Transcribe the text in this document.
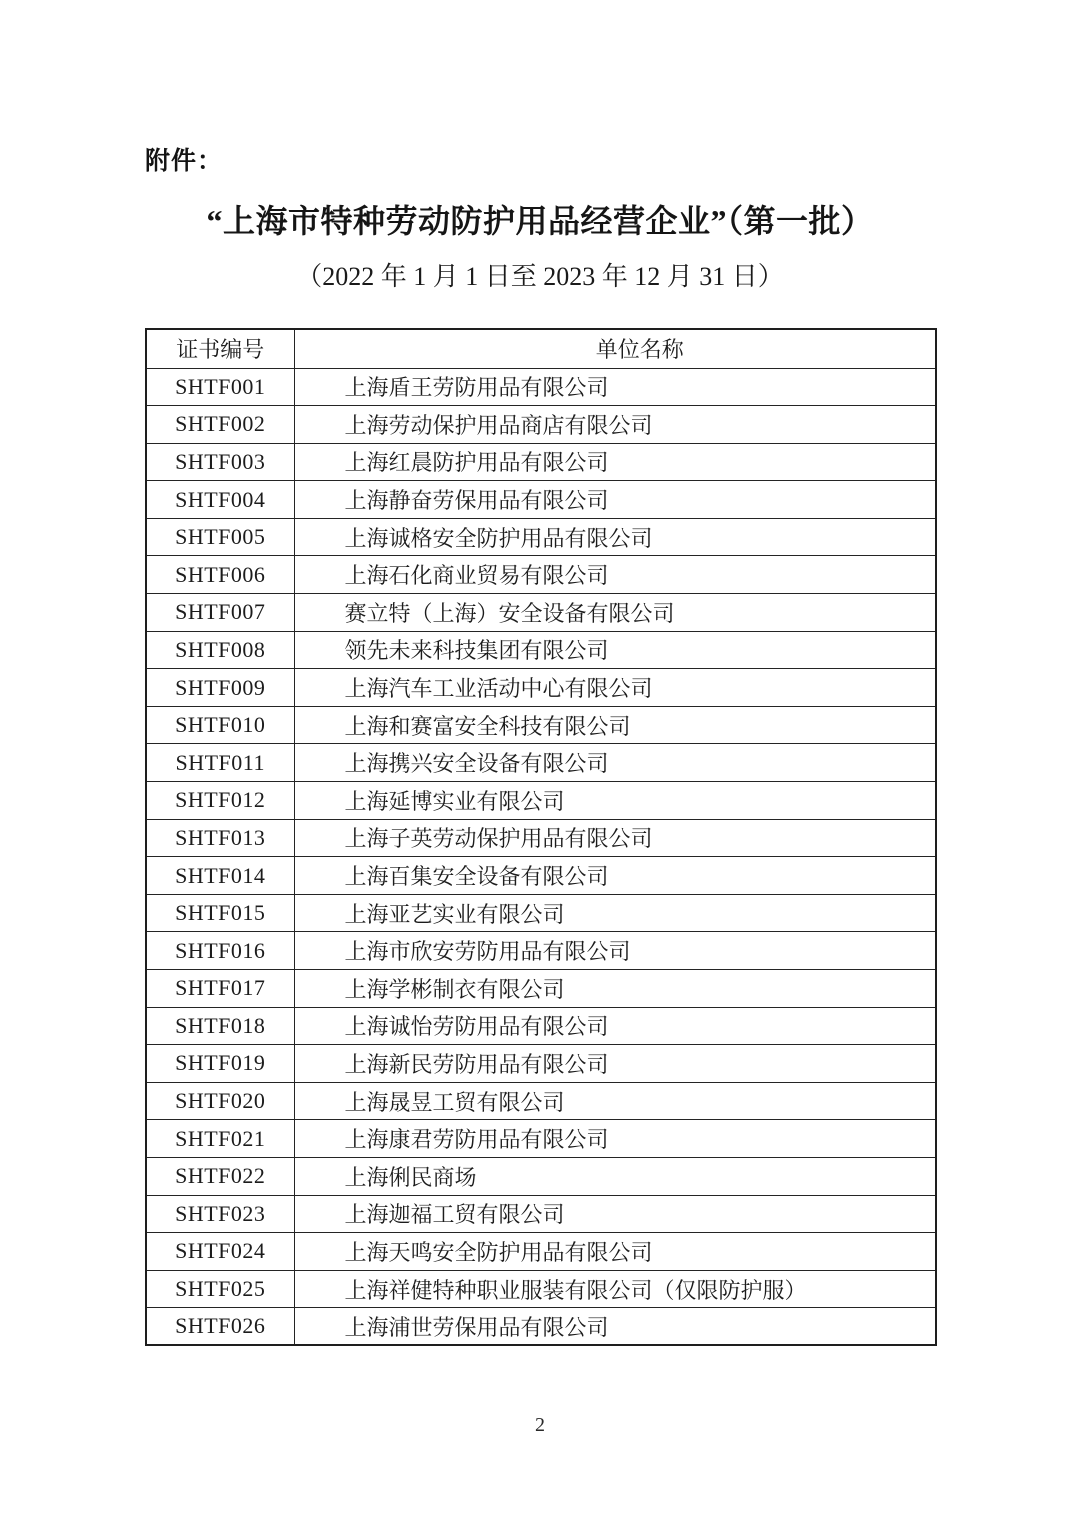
附件：
“上海市特种劳动防护用品经营企业”（第一批）
（2022 年 1 月 1 日至 2023 年 12 月 31 日）
证书编号	单位名称
SHTF001	上海盾王劳防用品有限公司
SHTF002	上海劳动保护用品商店有限公司
SHTF003	上海红晨防护用品有限公司
SHTF004	上海静奋劳保用品有限公司
SHTF005	上海诚格安全防护用品有限公司
SHTF006	上海石化商业贸易有限公司
SHTF007	赛立特（上海）安全设备有限公司
SHTF008	领先未来科技集团有限公司
SHTF009	上海汽车工业活动中心有限公司
SHTF010	上海和赛富安全科技有限公司
SHTF011	上海携兴安全设备有限公司
SHTF012	上海延博实业有限公司
SHTF013	上海子英劳动保护用品有限公司
SHTF014	上海百集安全设备有限公司
SHTF015	上海亚艺实业有限公司
SHTF016	上海市欣安劳防用品有限公司
SHTF017	上海学彬制衣有限公司
SHTF018	上海诚怡劳防用品有限公司
SHTF019	上海新民劳防用品有限公司
SHTF020	上海晟昱工贸有限公司
SHTF021	上海康君劳防用品有限公司
SHTF022	上海俐民商场
SHTF023	上海迦福工贸有限公司
SHTF024	上海天鸣安全防护用品有限公司
SHTF025	上海祥健特种职业服装有限公司（仅限防护服）
SHTF026	上海浦世劳保用品有限公司
2
